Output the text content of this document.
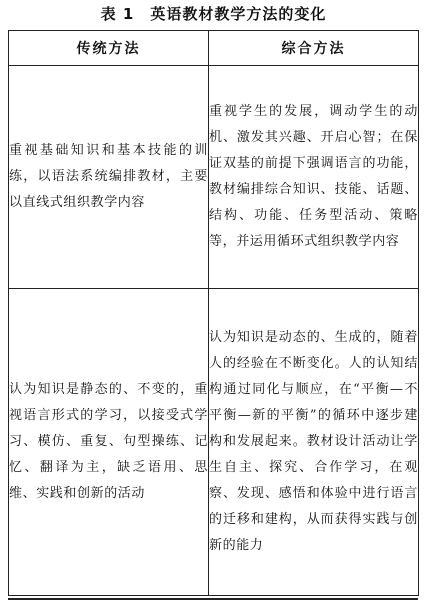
表 1 英语教材教学方法的变化
传统方法	综合方法
重视基础知识和基本技能的训练，以语法系统编排教材，主要以直线式组织教学内容	重视学生的发展，调动学生的动机、激发其兴趣、开启心智；在保证双基的前提下强调语言的功能，教材编排综合知识、技能、话题、结构、功能、任务型活动、策略等，并运用循环式组织教学内容
认为知识是静态的、不变的，重视语言形式的学习，以接受式学习、模仿、重复、句型操练、记忆、翻译为主，缺乏语用、思维、实践和创新的活动	认为知识是动态的、生成的，随着人的经验在不断变化。人的认知结构通过同化与顺应，在“平衡—不平衡—新的平衡”的循环中逐步建构和发展起来。教材设计活动让学生自主、探究、合作学习，在观察、发现、感悟和体验中进行语言的迁移和建构，从而获得实践与创新的能力
